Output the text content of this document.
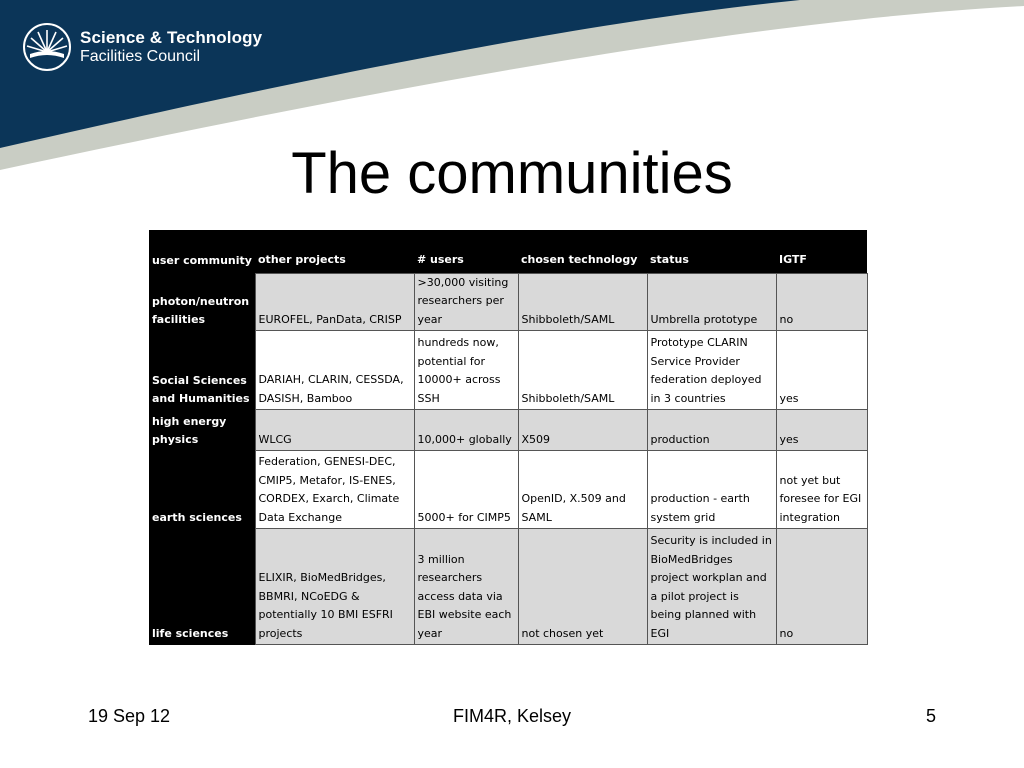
Science & Technology
Facilities Council
The communities
user community	other projects	# users	chosen technology	status	IGTF
photon/neutron facilities	EUROFEL, PanData, CRISP	>30,000 visiting researchers per year	Shibboleth/SAML	Umbrella prototype	no
Social Sciences and Humanities	DARIAH, CLARIN, CESSDA, DASISH, Bamboo	hundreds now, potential for 10000+ across SSH	Shibboleth/SAML	Prototype CLARIN Service Provider federation deployed in 3 countries	yes
high energy physics	WLCG	10,000+ globally	X509	production	yes
earth sciences	Federation, GENESI-DEC, CMIP5, Metafor, IS-ENES, CORDEX, Exarch, Climate Data Exchange	5000+ for CIMP5	OpenID, X.509 and SAML	production - earth system grid	not yet but foresee for EGI integration
life sciences	ELIXIR, BioMedBridges, BBMRI, NCoEDG & potentially 10 BMI ESFRI projects	3 million researchers access data via EBI website each year	not chosen yet	Security is included in BioMedBridges project workplan and a pilot project is being planned with EGI	no
19 Sep 12	FIM4R, Kelsey	5
